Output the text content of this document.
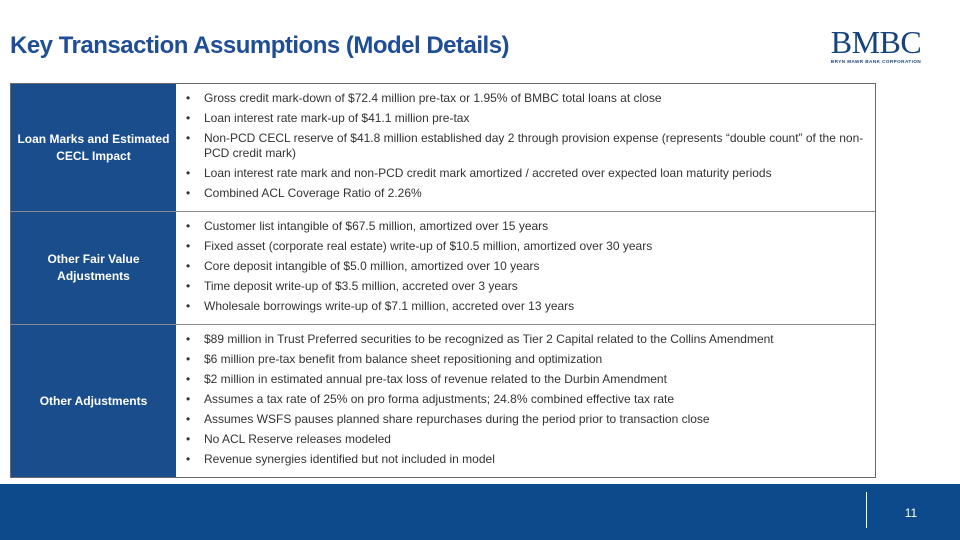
Key Transaction Assumptions (Model Details)	BMBC
BRYN MAWR BANK CORPORATION
Loan Marks and Estimated CECL Impact
• Gross credit mark-down of $72.4 million pre-tax or 1.95% of BMBC total loans at close
• Loan interest rate mark-up of $41.1 million pre-tax
• Non-PCD CECL reserve of $41.8 million established day 2 through provision expense (represents “double count” of the non-PCD credit mark)
• Loan interest rate mark and non-PCD credit mark amortized / accreted over expected loan maturity periods
• Combined ACL Coverage Ratio of 2.26%
Other Fair Value Adjustments
• Customer list intangible of $67.5 million, amortized over 15 years
• Fixed asset (corporate real estate) write-up of $10.5 million, amortized over 30 years
• Core deposit intangible of $5.0 million, amortized over 10 years
• Time deposit write-up of $3.5 million, accreted over 3 years
• Wholesale borrowings write-up of $7.1 million, accreted over 13 years
Other Adjustments
• $89 million in Trust Preferred securities to be recognized as Tier 2 Capital related to the Collins Amendment
• $6 million pre-tax benefit from balance sheet repositioning and optimization
• $2 million in estimated annual pre-tax loss of revenue related to the Durbin Amendment
• Assumes a tax rate of 25% on pro forma adjustments; 24.8% combined effective tax rate
• Assumes WSFS pauses planned share repurchases during the period prior to transaction close
• No ACL Reserve releases modeled
• Revenue synergies identified but not included in model
11
